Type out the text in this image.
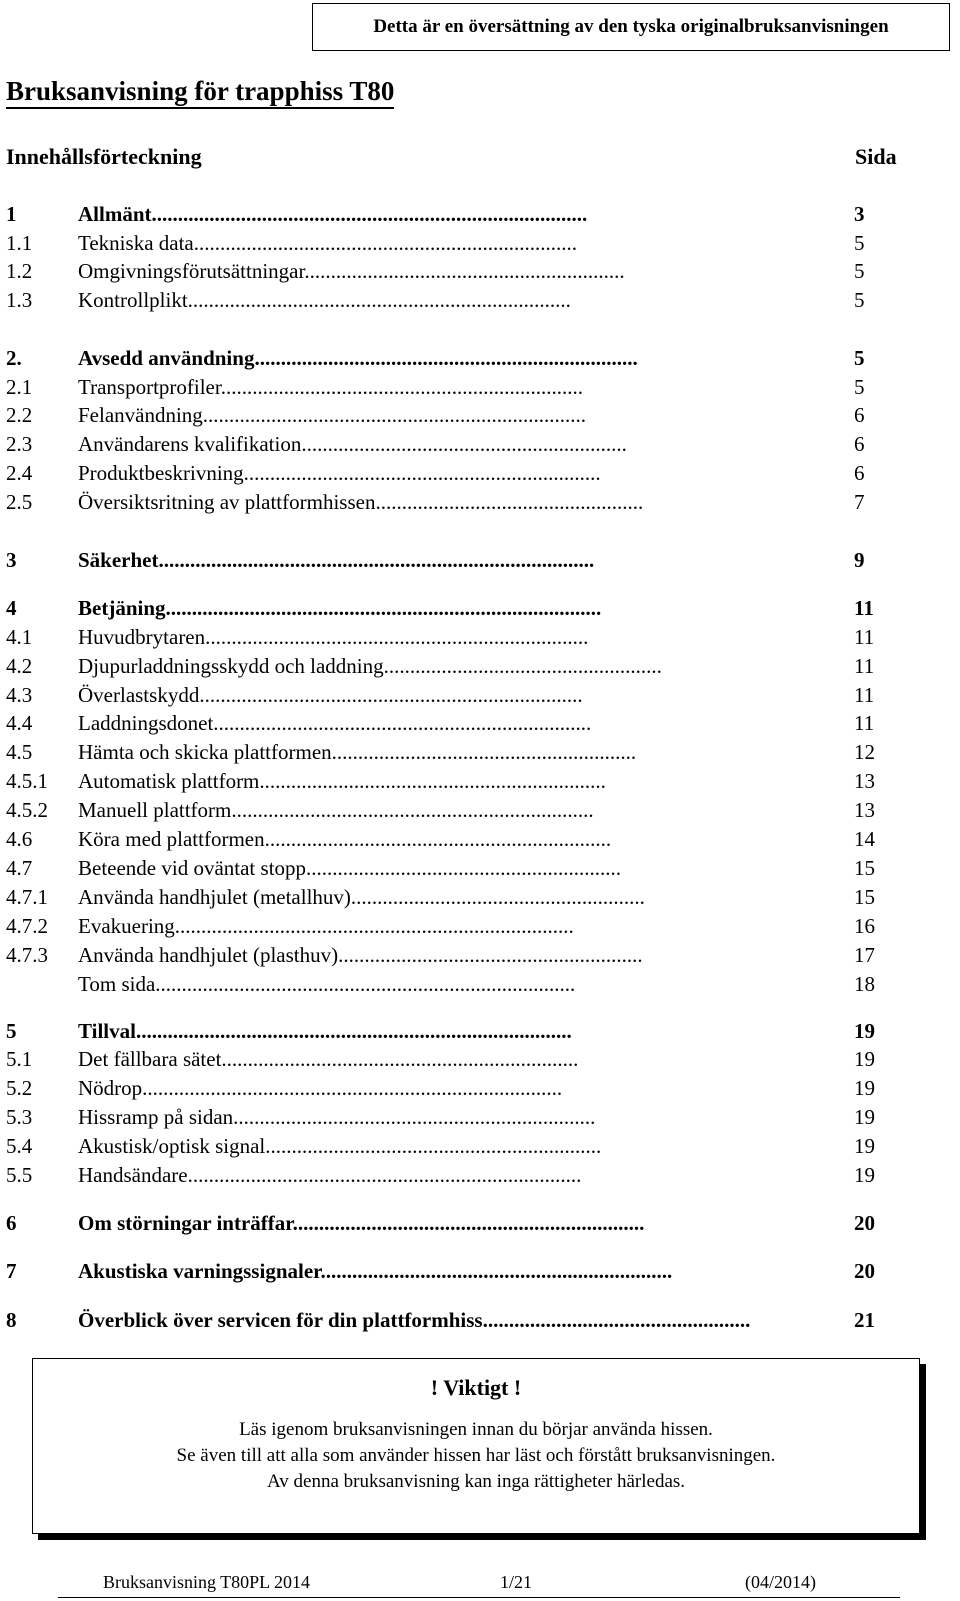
Detta är en översättning av den tyska originalbruksanvisningen
Bruksanvisning för trapphiss T80
Innehållsförteckning	Sida
1	Allmänt...................................................................................	3
1.1 Tekniska data.........................................................................	5
1.2 Omgivningsförutsättningar.............................................................	5
1.3 Kontrollplikt.........................................................................	5
2.	Avsedd användning.........................................................................	5
2.1 Transportprofiler.....................................................................	5
2.2 Felanvändning.........................................................................	6
2.3 Användarens kvalifikation..............................................................	6
2.4 Produktbeskrivning....................................................................	6
2.5 Översiktsritning av plattformhissen...................................................	7
3	Säkerhet...................................................................................	9
4	Betjäning...................................................................................	11
4.1 Huvudbrytaren.........................................................................	11
4.2 Djupurladdningsskydd och laddning.....................................................	11
4.3 Överlastskydd.........................................................................	11
4.4 Laddningsdonet........................................................................	11
4.5 Hämta och skicka plattformen..........................................................	12
4.5.1 Automatisk plattform..................................................................	13
4.5.2 Manuell plattform.....................................................................	13
4.6 Köra med plattformen..................................................................	14
4.7 Beteende vid oväntat stopp............................................................	15
4.7.1 Använda handhjulet (metallhuv)........................................................	15
4.7.2 Evakuering............................................................................	16
4.7.3 Använda handhjulet (plasthuv)..........................................................	17
Tom sida................................................................................	18
5	Tillval...................................................................................	19
5.1 Det fällbara sätet....................................................................	19
5.2 Nödrop................................................................................	19
5.3 Hissramp på sidan.....................................................................	19
5.4 Akustisk/optisk signal................................................................	19
5.5 Handsändare...........................................................................	19
6	Om störningar inträffar...................................................................	20
7	Akustiska varningssignaler...................................................................	20
8	Överblick över servicen för din plattformhiss...................................................	21
! Viktigt !
Läs igenom bruksanvisningen innan du börjar använda hissen.
Se även till att alla som använder hissen har läst och förstått bruksanvisningen.
Av denna bruksanvisning kan inga rättigheter härledas.
Bruksanvisning T80PL 2014	1/21	(04/2014)
